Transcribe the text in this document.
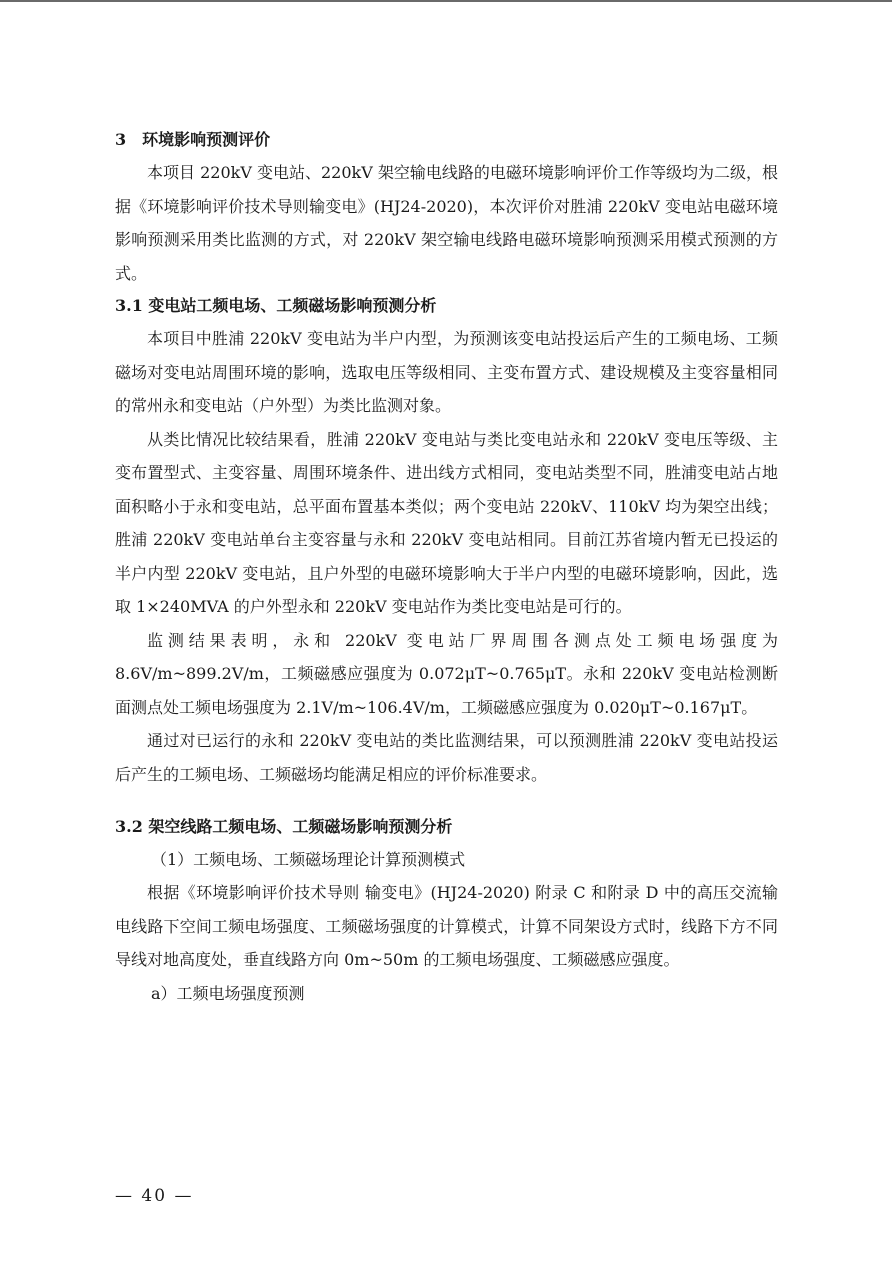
3　环境影响预测评价

本项目 220kV 变电站、220kV 架空输电线路的电磁环境影响评价工作等级均为二级，根据《环境影响评价技术导则输变电》(HJ24-2020)，本次评价对胜浦 220kV 变电站电磁环境影响预测采用类比监测的方式，对 220kV 架空输电线路电磁环境影响预测采用模式预测的方式。

3.1 变电站工频电场、工频磁场影响预测分析

本项目中胜浦 220kV 变电站为半户内型，为预测该变电站投运后产生的工频电场、工频磁场对变电站周围环境的影响，选取电压等级相同、主变布置方式、建设规模及主变容量相同的常州永和变电站（户外型）为类比监测对象。

从类比情况比较结果看，胜浦 220kV 变电站与类比变电站永和 220kV 变电压等级、主变布置型式、主变容量、周围环境条件、进出线方式相同，变电站类型不同，胜浦变电站占地面积略小于永和变电站，总平面布置基本类似；两个变电站 220kV、110kV 均为架空出线；胜浦 220kV 变电站单台主变容量与永和 220kV 变电站相同。目前江苏省境内暂无已投运的半户内型 220kV 变电站，且户外型的电磁环境影响大于半户内型的电磁环境影响，因此，选取 1×240MVA 的户外型永和 220kV 变电站作为类比变电站是可行的。

监测结果表明，永和 220kV 变电站厂界周围各测点处工频电场强度为 8.6V/m~899.2V/m，工频磁感应强度为 0.072μT~0.765μT。永和 220kV 变电站检测断面测点处工频电场强度为 2.1V/m~106.4V/m，工频磁感应强度为 0.020μT~0.167μT。

通过对已运行的永和 220kV 变电站的类比监测结果，可以预测胜浦 220kV 变电站投运后产生的工频电场、工频磁场均能满足相应的评价标准要求。

3.2 架空线路工频电场、工频磁场影响预测分析
（1）工频电场、工频磁场理论计算预测模式

根据《环境影响评价技术导则 输变电》(HJ24-2020) 附录 C 和附录 D 中的高压交流输电线路下空间工频电场强度、工频磁场强度的计算模式，计算不同架设方式时，线路下方不同导线对地高度处，垂直线路方向 0m~50m 的工频电场强度、工频磁感应强度。

a）工频电场强度预测
— 40 —
